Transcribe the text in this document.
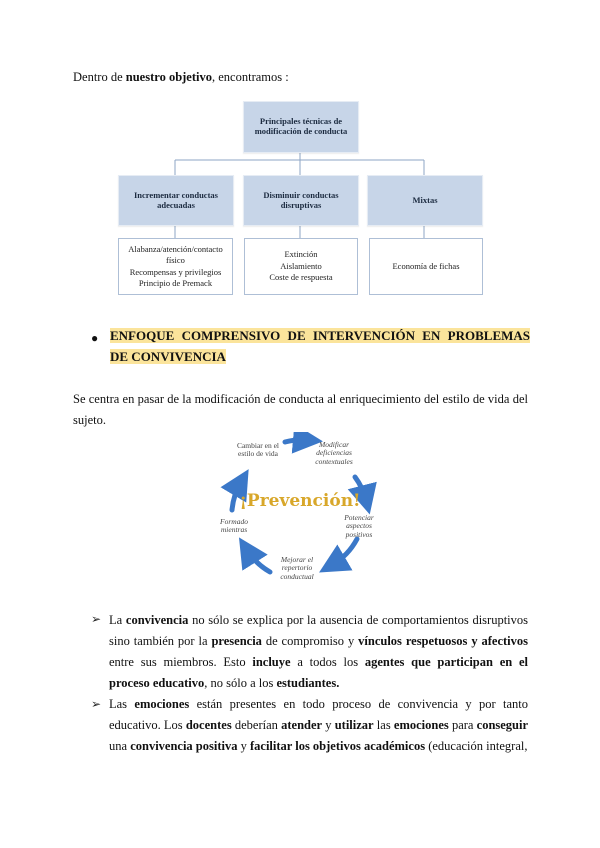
Dentro de nuestro objetivo, encontramos :
Principales técnicas de modificación de conducta
Incrementar conductas adecuadas
Disminuir conductas disruptivas	Mixtas
Alabanza/atención/contacto físico
Recompensas y privilegios
Principio de Premack
Extinción
Aislamiento
Coste de respuesta
Economía de fichas
● ENFOQUE COMPRENSIVO DE INTERVENCIÓN EN PROBLEMAS DE CONVIVENCIA
Se centra en pasar de la modificación de conducta al enriquecimiento del estilo de vida del sujeto.
¡Prevención!
Cambiar en el estilo de vida
Modificar deficiencias contextuales
Potenciar aspectos positivos
Mejorar el repertorio conductual
Formado mientras
➢ La convivencia no sólo se explica por la ausencia de comportamientos disruptivos sino también por la presencia de compromiso y vínculos respetuosos y afectivos entre sus miembros. Esto incluye a todos los agentes que participan en el proceso educativo, no sólo a los estudiantes.
➢ Las emociones están presentes en todo proceso de convivencia y por tanto educativo. Los docentes deberían atender y utilizar las emociones para conseguir una convivencia positiva y facilitar los objetivos académicos (educación integral,
